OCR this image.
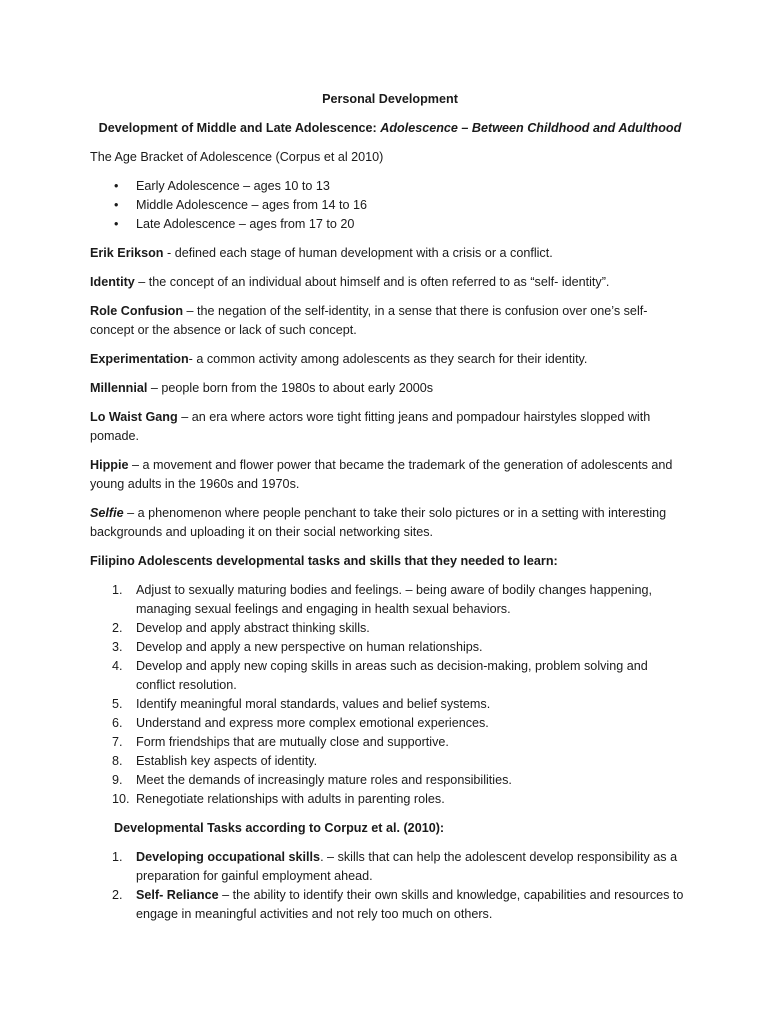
Personal Development

Development of Middle and Late Adolescence: Adolescence – Between Childhood and Adulthood

The Age Bracket of Adolescence (Corpus et al 2010)

• Early Adolescence – ages 10 to 13
• Middle Adolescence – ages from 14 to 16
• Late Adolescence – ages from 17 to 20

Erik Erikson - defined each stage of human development with a crisis or a conflict.

Identity – the concept of an individual about himself and is often referred to as “self- identity”.

Role Confusion – the negation of the self-identity, in a sense that there is confusion over one’s self-concept or the absence or lack of such concept.

Experimentation- a common activity among adolescents as they search for their identity.

Millennial – people born from the 1980s to about early 2000s

Lo Waist Gang – an era where actors wore tight fitting jeans and pompadour hairstyles slopped with pomade.

Hippie – a movement and flower power that became the trademark of the generation of adolescents and young adults in the 1960s and 1970s.

Selfie – a phenomenon where people penchant to take their solo pictures or in a setting with interesting backgrounds and uploading it on their social networking sites.

Filipino Adolescents developmental tasks and skills that they needed to learn:

1. Adjust to sexually maturing bodies and feelings. – being aware of bodily changes happening, managing sexual feelings and engaging in health sexual behaviors.
2. Develop and apply abstract thinking skills.
3. Develop and apply a new perspective on human relationships.
4. Develop and apply new coping skills in areas such as decision-making, problem solving and conflict resolution.
5. Identify meaningful moral standards, values and belief systems.
6. Understand and express more complex emotional experiences.
7. Form friendships that are mutually close and supportive.
8. Establish key aspects of identity.
9. Meet the demands of increasingly mature roles and responsibilities.
10. Renegotiate relationships with adults in parenting roles.

Developmental Tasks according to Corpuz et al. (2010):

1. Developing occupational skills. – skills that can help the adolescent develop responsibility as a preparation for gainful employment ahead.
2. Self- Reliance – the ability to identify their own skills and knowledge, capabilities and resources to engage in meaningful activities and not rely too much on others.
